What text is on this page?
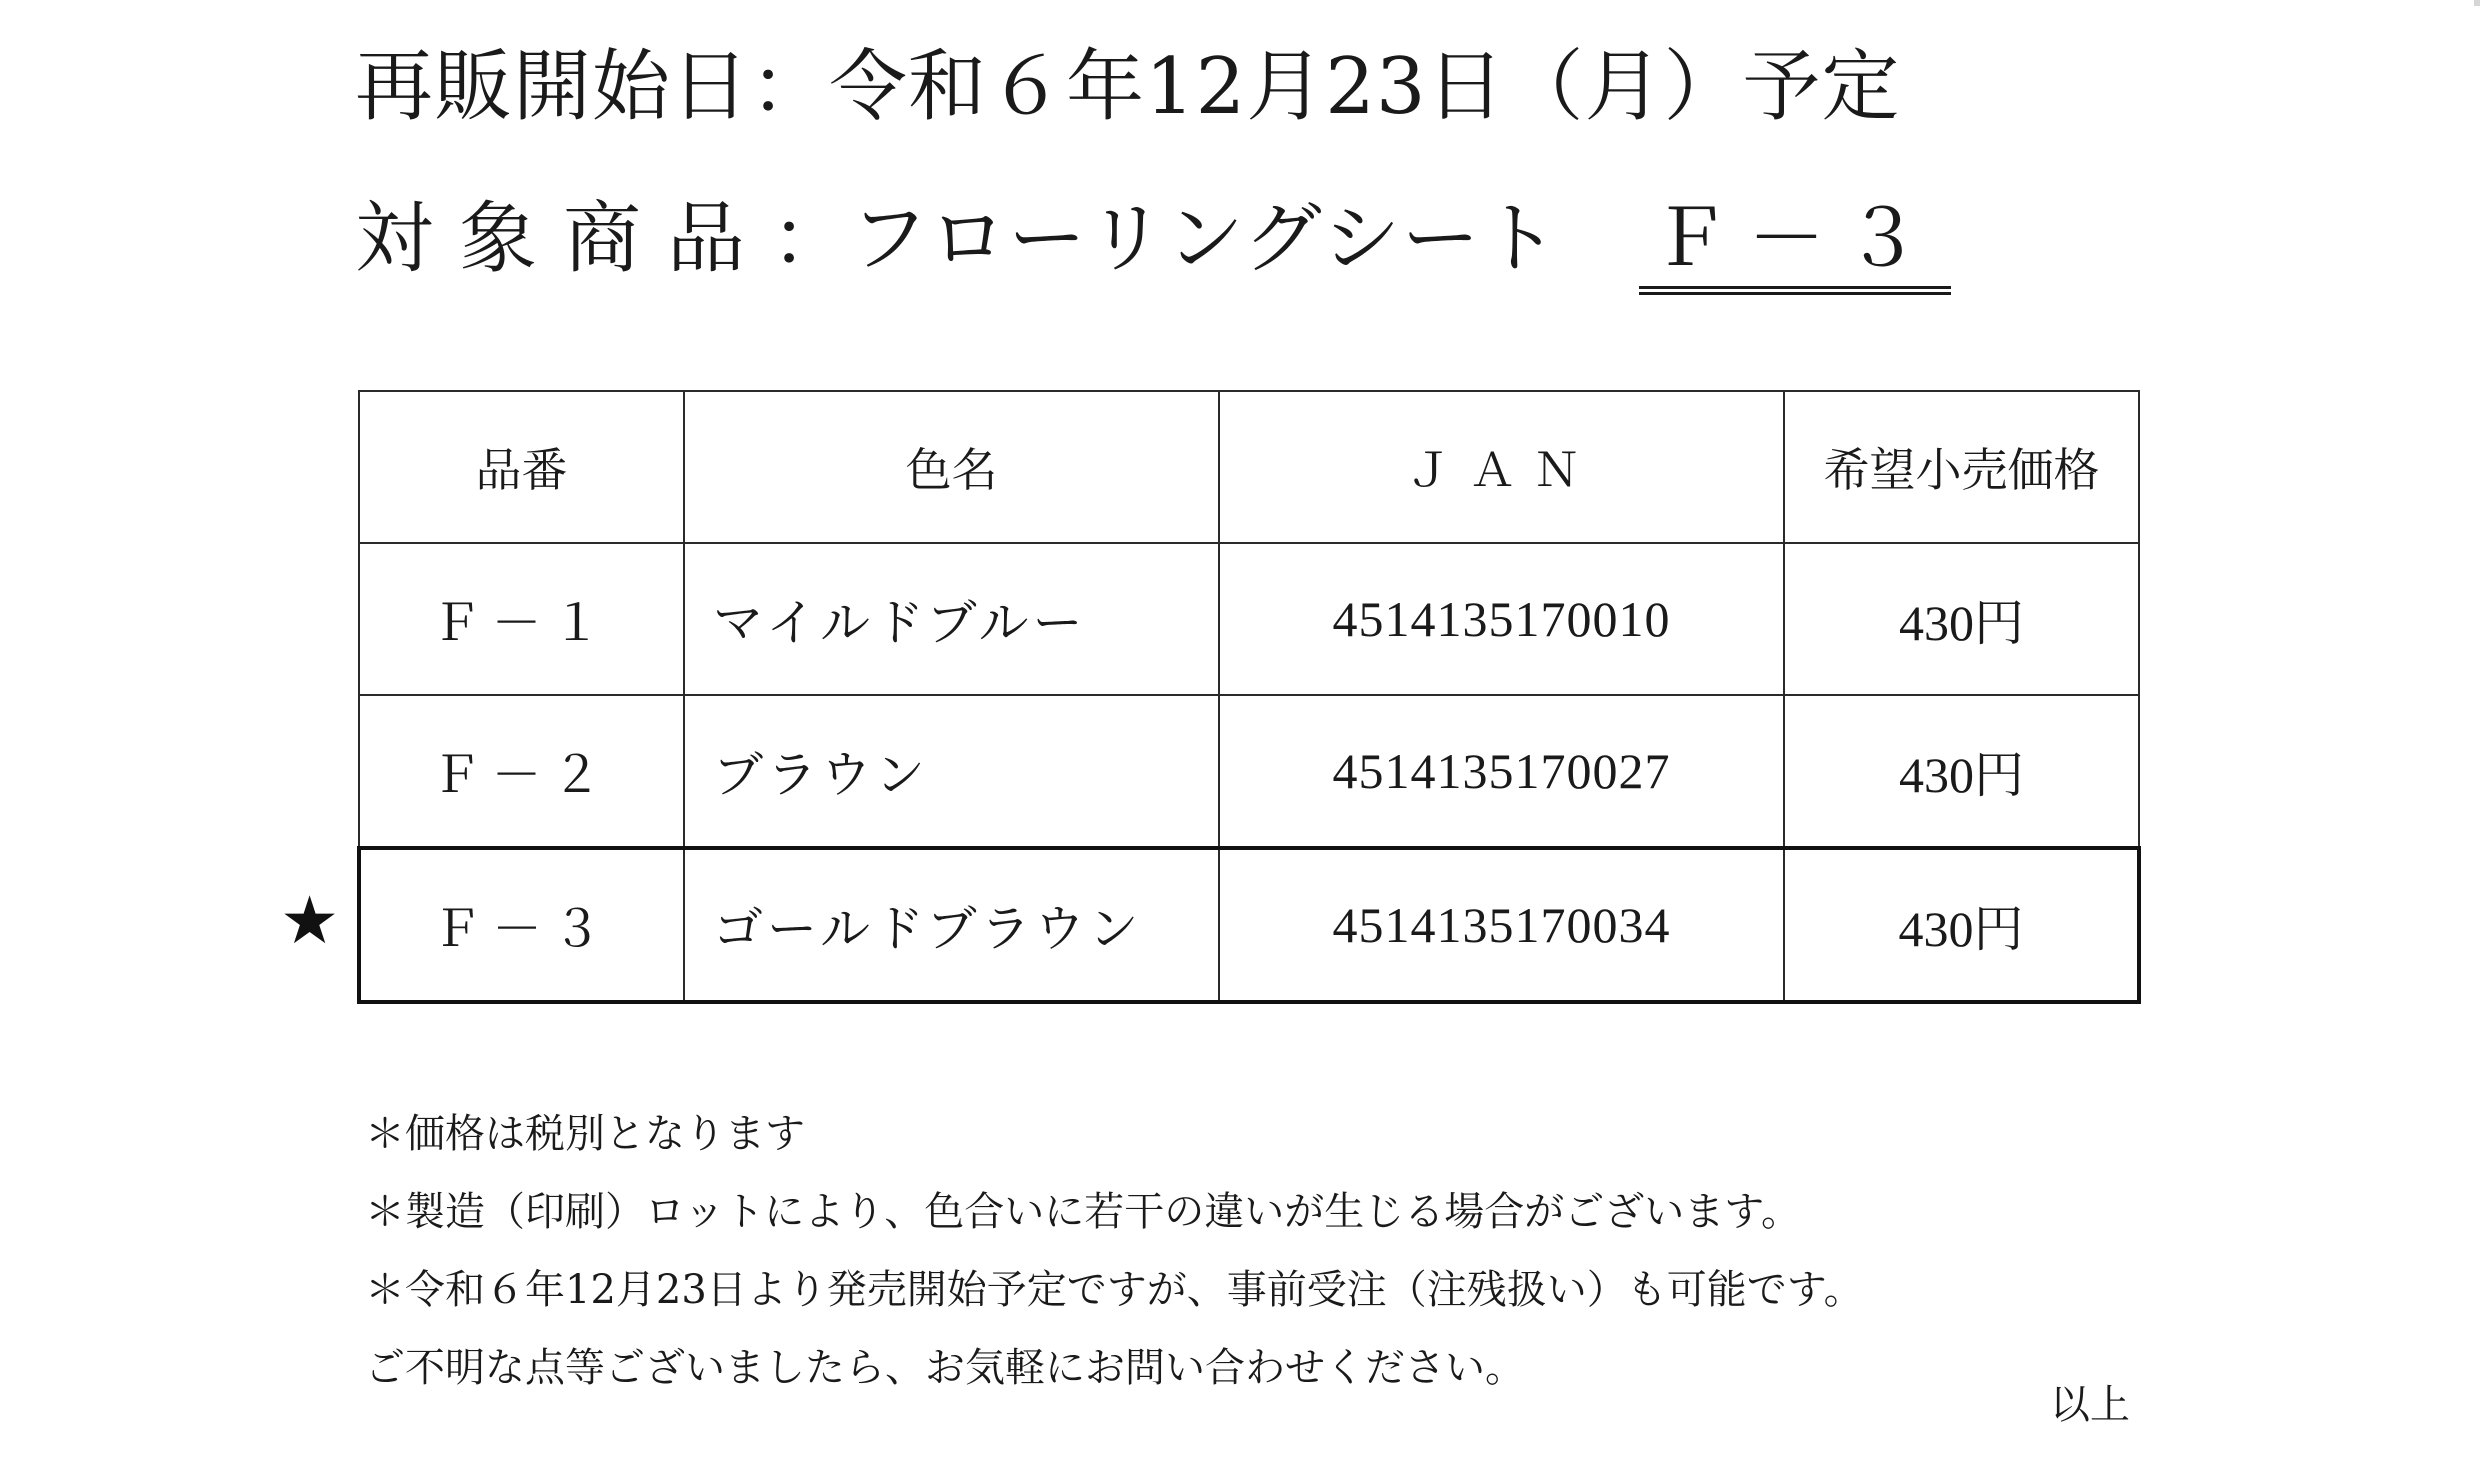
再販開始日：令和６年12月23日（月）予定
対象商品：フローリングシート Ｆ－３
★
品番	色名	ＪＡＮ	希望小売価格
Ｆ－１	マイルドブルー	4514135170010	430円
Ｆ－２	ブラウン	4514135170027	430円
Ｆ－３	ゴールドブラウン	4514135170034	430円
＊価格は税別となります
＊製造（印刷）ロットにより、色合いに若干の違いが生じる場合がございます。
＊令和６年12月23日より発売開始予定ですが、事前受注（注残扱い）も可能です。
ご不明な点等ございましたら、お気軽にお問い合わせください。
以上
